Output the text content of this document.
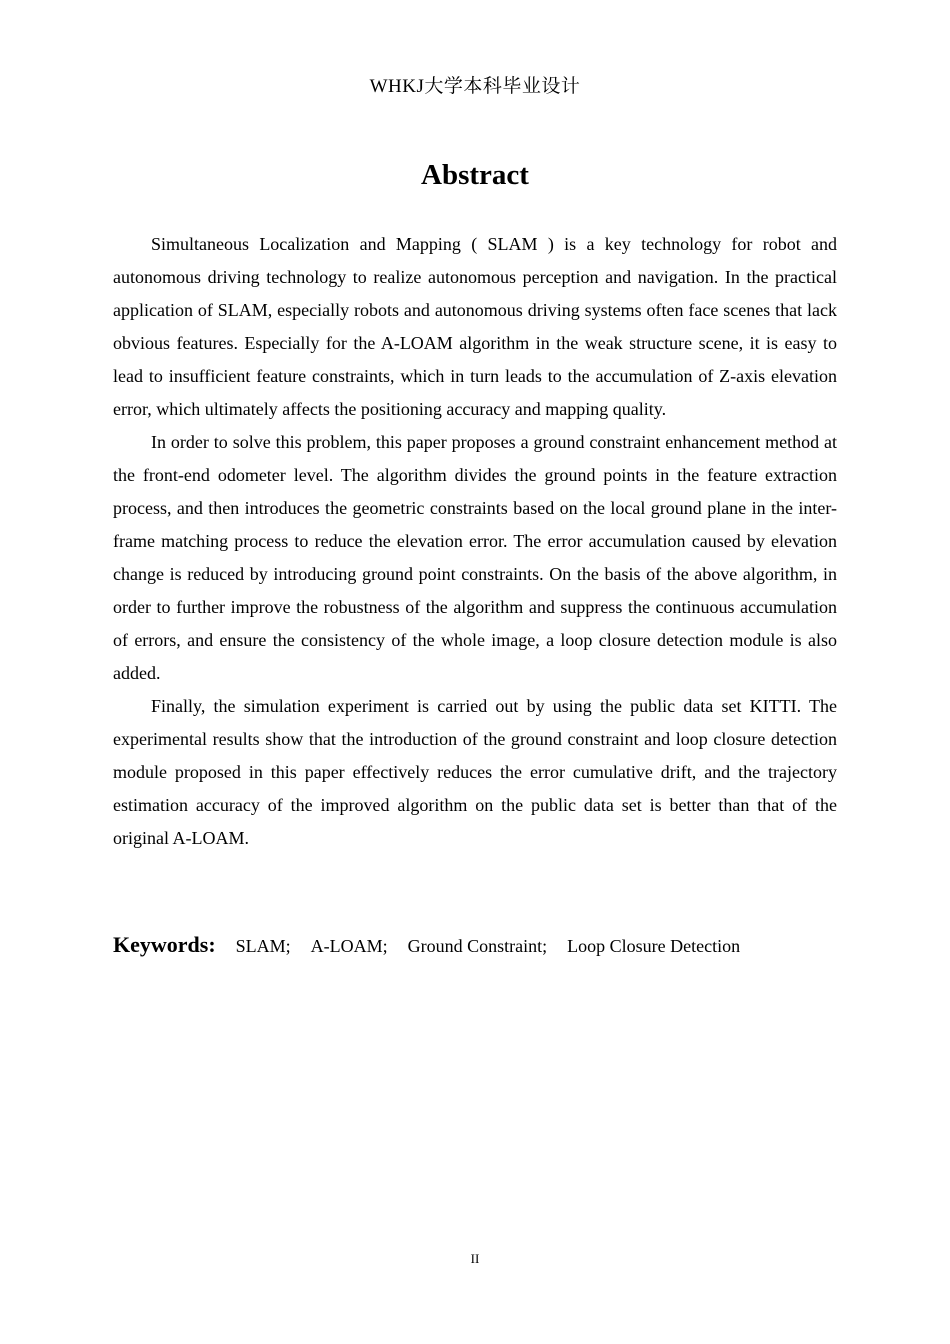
WHKJ大学本科毕业设计
Abstract

Simultaneous Localization and Mapping ( SLAM ) is a key technology for robot and autonomous driving technology to realize autonomous perception and navigation. In the practical application of SLAM, especially robots and autonomous driving systems often face scenes that lack obvious features. Especially for the A-LOAM algorithm in the weak structure scene, it is easy to lead to insufficient feature constraints, which in turn leads to the accumulation of Z-axis elevation error, which ultimately affects the positioning accuracy and mapping quality.

In order to solve this problem, this paper proposes a ground constraint enhancement method at the front-end odometer level. The algorithm divides the ground points in the feature extraction process, and then introduces the geometric constraints based on the local ground plane in the inter-frame matching process to reduce the elevation error. The error accumulation caused by elevation change is reduced by introducing ground point constraints. On the basis of the above algorithm, in order to further improve the robustness of the algorithm and suppress the continuous accumulation of errors, and ensure the consistency of the whole image, a loop closure detection module is also added.

Finally, the simulation experiment is carried out by using the public data set KITTI. The experimental results show that the introduction of the ground constraint and loop closure detection module proposed in this paper effectively reduces the error cumulative drift, and the trajectory estimation accuracy of the improved algorithm on the public data set is better than that of the original A-LOAM.

Keywords: SLAM; A-LOAM; Ground Constraint; Loop Closure Detection
II
